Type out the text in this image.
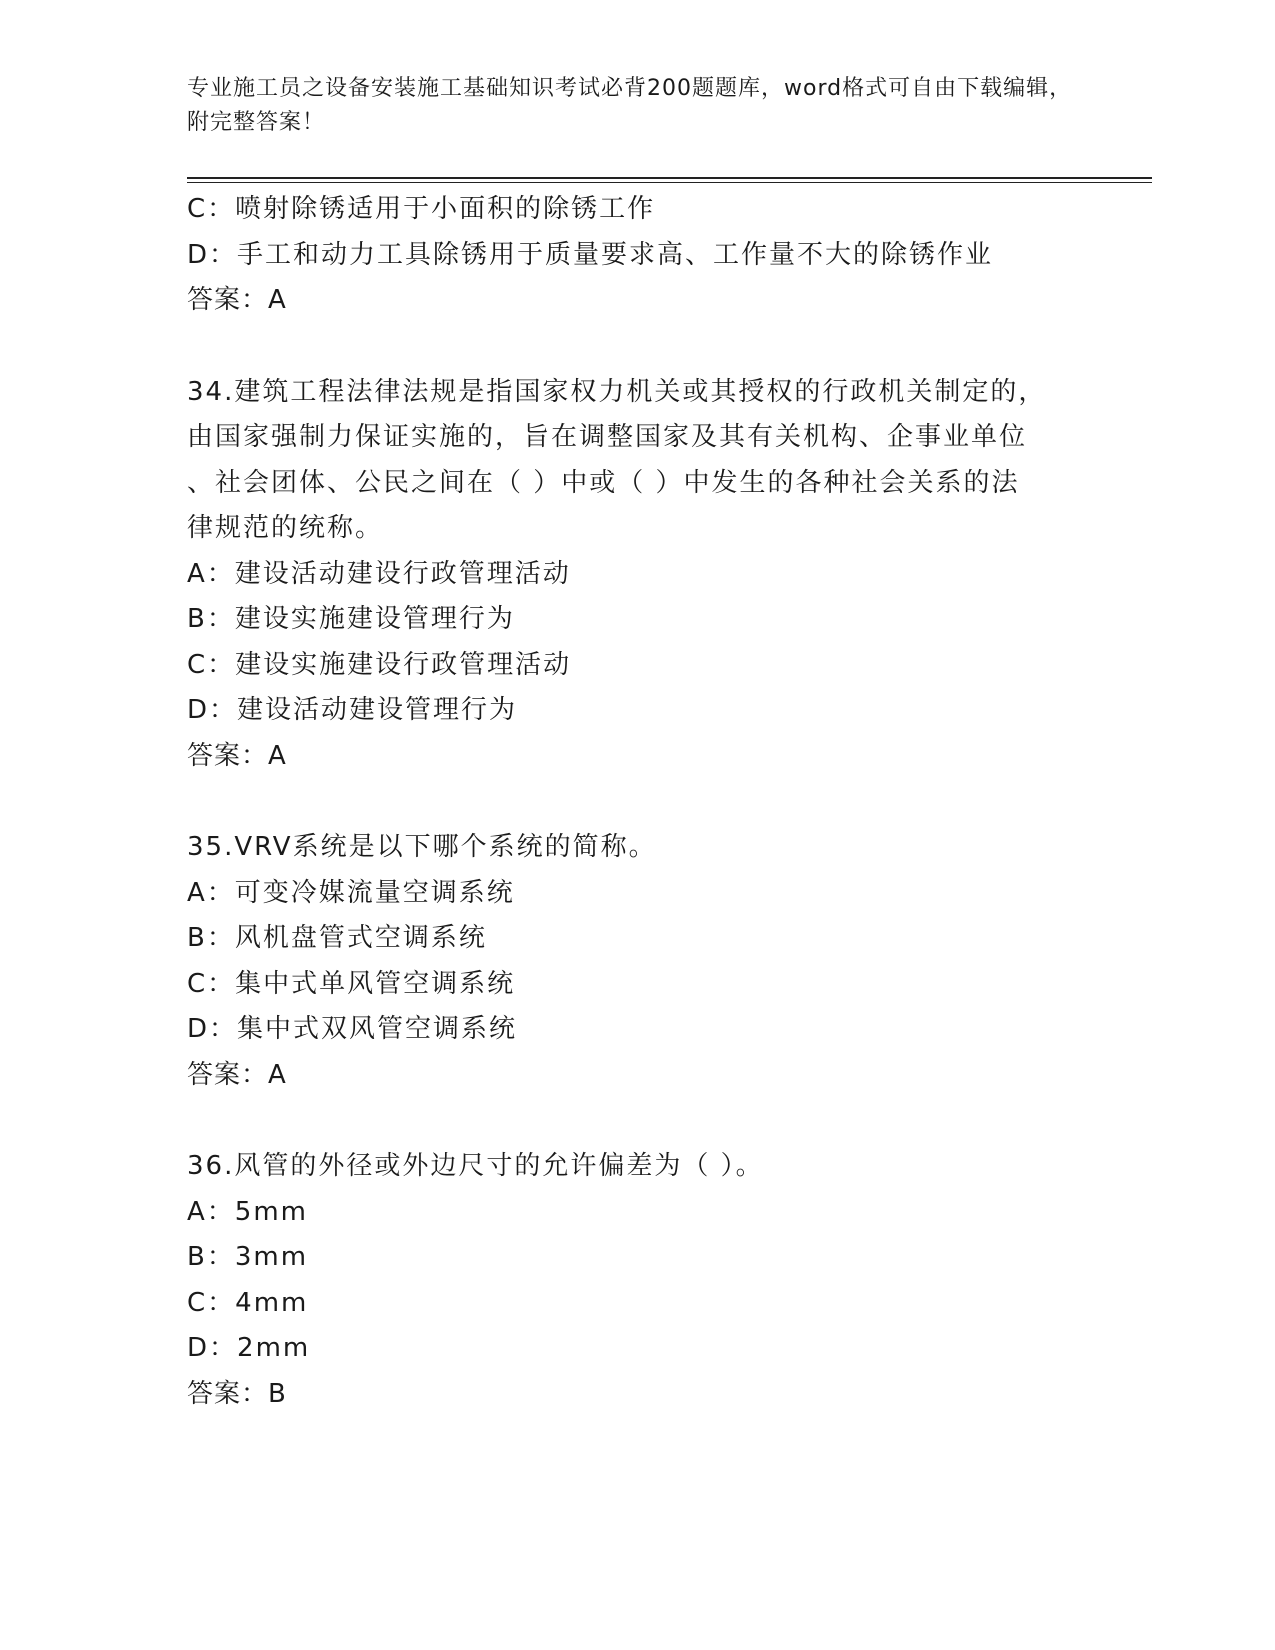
专业施工员之设备安装施工基础知识考试必背200题题库，word格式可自由下载编辑，附完整答案！
C：喷射除锈适用于小面积的除锈工作
D：手工和动力工具除锈用于质量要求高、工作量不大的除锈作业
答案：A
34.建筑工程法律法规是指国家权力机关或其授权的行政机关制定的，
由国家强制力保证实施的，旨在调整国家及其有关机构、企事业单位
、社会团体、公民之间在（ ）中或（ ）中发生的各种社会关系的法
律规范的统称。
A：建设活动建设行政管理活动
B：建设实施建设管理行为
C：建设实施建设行政管理活动
D：建设活动建设管理行为
答案：A
35.VRV系统是以下哪个系统的简称。
A：可变冷媒流量空调系统
B：风机盘管式空调系统
C：集中式单风管空调系统
D：集中式双风管空调系统
答案：A
36.风管的外径或外边尺寸的允许偏差为（ ）。
A：5mm
B：3mm
C：4mm
D：2mm
答案：B
